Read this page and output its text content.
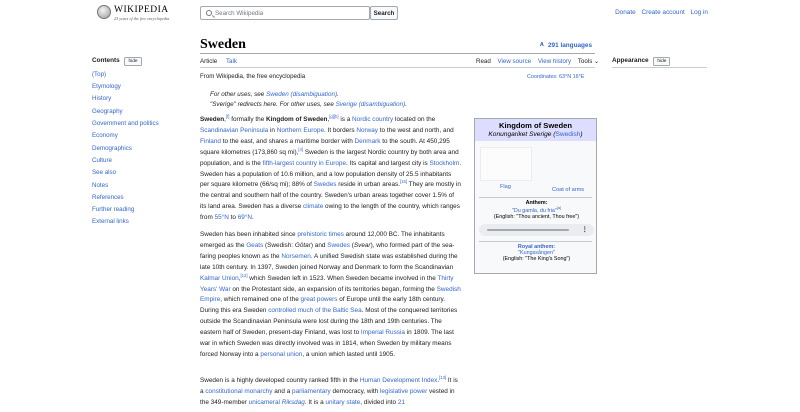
WIKIPEDIA
25 years of the free encyclopedia
Search Wikipedia
Search	Donate Create account Log in
Contents hide
(Top)
Etymology
History
Geography
Government and politics
Economy
Demographics
Culture
See also
Notes
References
Further reading
External links
Sweden	A 291 languages
Article Talk	Read View source View history Tools ⌄
From Wikipedia, the free encyclopedia	Coordinates: 63°N 16°E
Appearance hide
For other uses, see Sweden (disambiguation).
"Sverige" redirects here. For other uses, see Sverige (disambiguation).
Sweden,[f] formally the Kingdom of Sweden,[g][h] is a Nordic country located on the Scandinavian Peninsula in Northern Europe. It borders Norway to the west and north, and Finland to the east, and shares a maritime border with Denmark to the south. At 450,295 square kilometres (173,860 sq mi),[4] Sweden is the largest Nordic country by both area and population, and is the fifth-largest country in Europe. Its capital and largest city is Stockholm. Sweden has a population of 10.6 million, and a low population density of 25.5 inhabitants per square kilometre (66/sq mi); 88% of Swedes reside in urban areas.[15] They are mostly in the central and southern half of the country. Sweden's urban areas together cover 1.5% of its land area. Sweden has a diverse climate owing to the length of the country, which ranges from 55°N to 69°N.
Sweden has been inhabited since prehistoric times around 12,000 BC. The inhabitants emerged as the Geats (Swedish: Götar) and Swedes (Svear), who formed part of the sea-faring peoples known as the Norsemen. A unified Swedish state was established during the late 10th century. In 1397, Sweden joined Norway and Denmark to form the Scandinavian Kalmar Union,[12] which Sweden left in 1523. When Sweden became involved in the Thirty Years' War on the Protestant side, an expansion of its territories began, forming the Swedish Empire, which remained one of the great powers of Europe until the early 18th century. During this era Sweden controlled much of the Baltic Sea. Most of the conquered territories outside the Scandinavian Peninsula were lost during the 18th and 19th centuries. The eastern half of Sweden, present-day Finland, was lost to Imperial Russia in 1809. The last war in which Sweden was directly involved was in 1814, when Sweden by military means forced Norway into a personal union, a union which lasted until 1905.
Sweden is a highly developed country ranked fifth in the Human Development Index.[13] It is a constitutional monarchy and a parliamentary democracy, with legislative power vested in the 349-member unicameral Riksdag. It is a unitary state, divided into 21
Kingdom of Sweden
Konungariket Sverige (Swedish)
Flag	Coat of arms
Anthem:
"Du gamla, du fria"[a]
(English: "Thou ancient, Thou free")
⋮
Royal anthem:
"Kungssången"
(English: "The King's Song")
